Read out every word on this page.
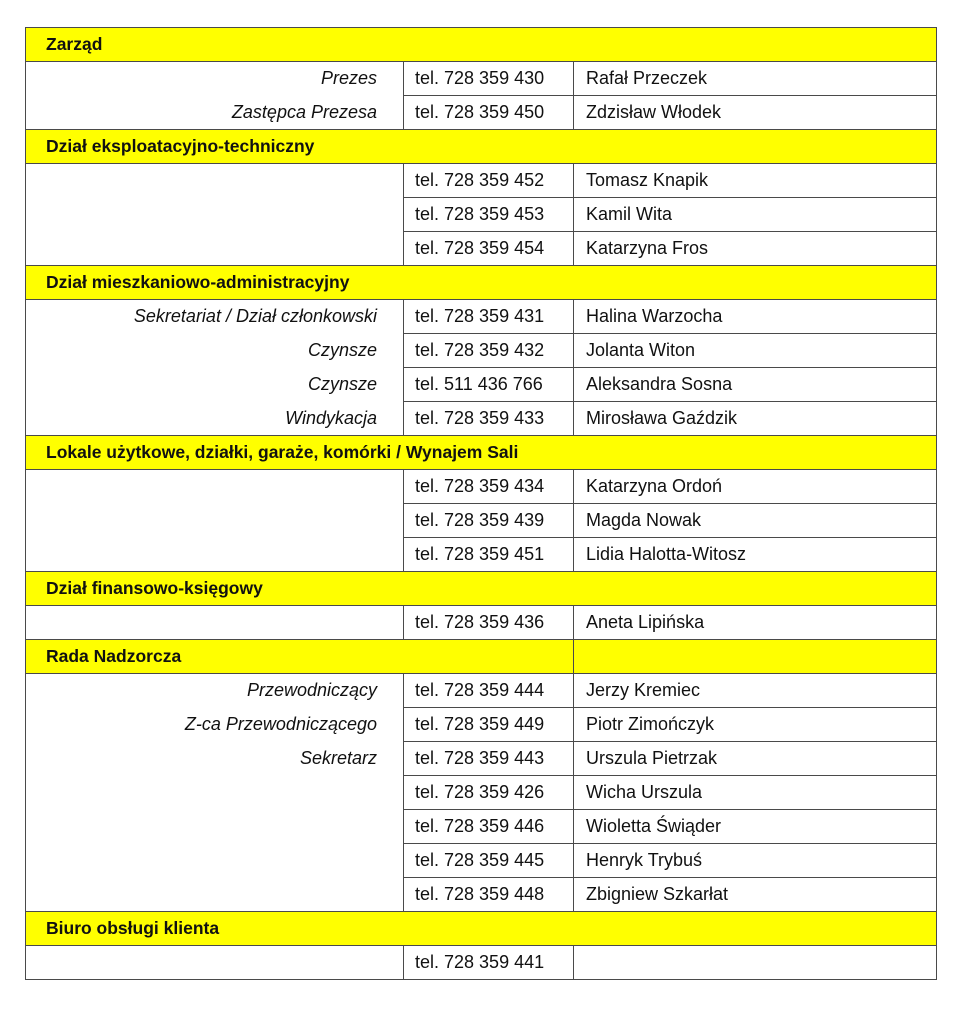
Zarząd		
Prezes	tel. 728 359 430	Rafał Przeczek
Zastępca Prezesa	tel. 728 359 450	Zdzisław Włodek
Dział eksploatacyjno-techniczny		
	tel. 728 359 452	Tomasz Knapik
	tel. 728 359 453	Kamil Wita
	tel. 728 359 454	Katarzyna Fros
Dział mieszkaniowo-administracyjny		
Sekretariat / Dział członkowski	tel. 728 359 431	Halina Warzocha
Czynsze	tel. 728 359 432	Jolanta Witon
Czynsze	tel. 511 436 766	Aleksandra Sosna
Windykacja	tel. 728 359 433	Mirosława Gaździk
Lokale użytkowe, działki, garaże, komórki / Wynajem Sali		
	tel. 728 359 434	Katarzyna Ordoń
	tel. 728 359 439	Magda Nowak
	tel. 728 359 451	Lidia Halotta-Witosz
Dział finansowo-księgowy		
	tel. 728 359 436	Aneta Lipińska
Rada Nadzorcza		
Przewodniczący	tel. 728 359 444	Jerzy Kremiec
Z-ca Przewodniczącego	tel. 728 359 449	Piotr Zimończyk
Sekretarz	tel. 728 359 443	Urszula Pietrzak
	tel. 728 359 426	Wicha Urszula
	tel. 728 359 446	Wioletta Świąder
	tel. 728 359 445	Henryk Trybuś
	tel. 728 359 448	Zbigniew Szkarłat
Biuro obsługi klienta		
	tel. 728 359 441	
